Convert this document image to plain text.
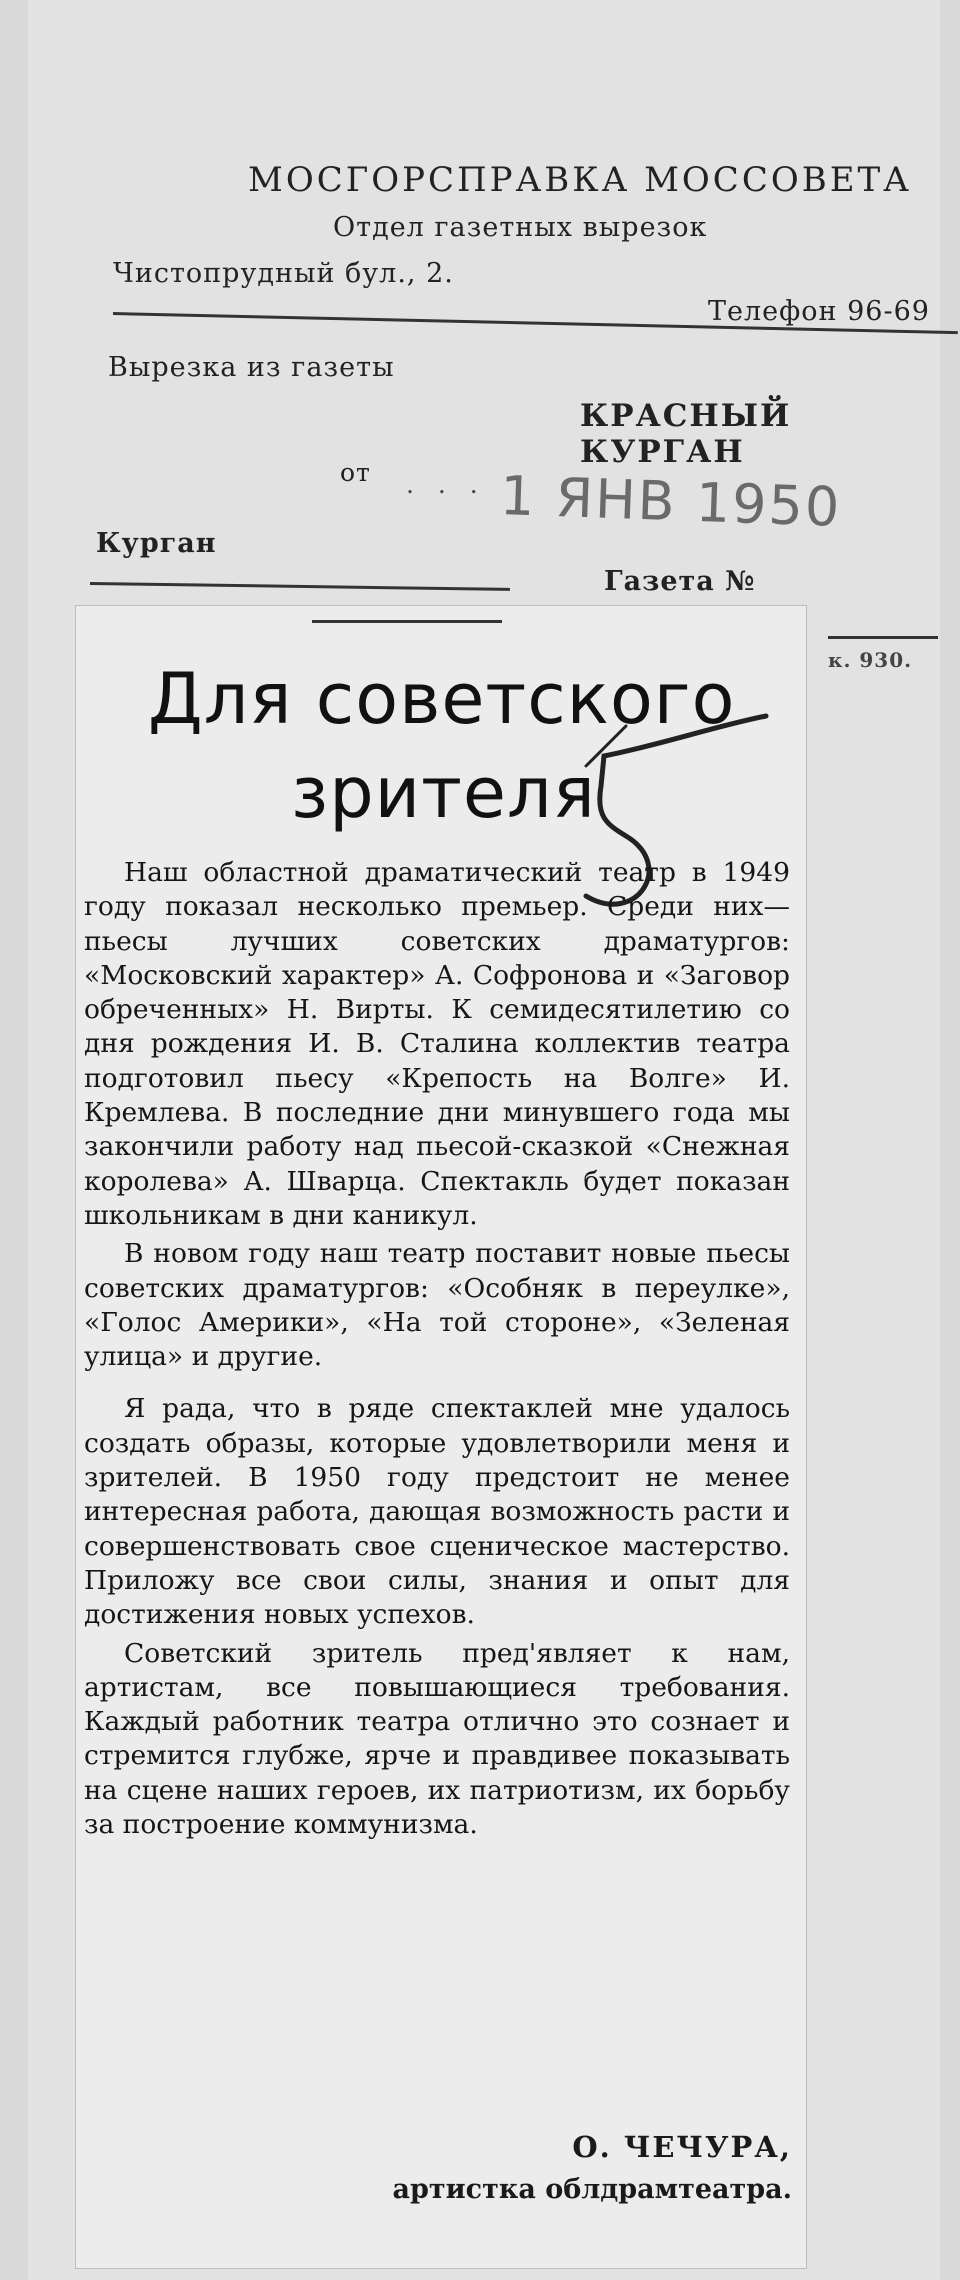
МОСГОРСПРАВКА МОССОВЕТА
Отдел газетных вырезок
Чистопрудный бул., 2.
Телефон 96-69
Вырезка из газеты
КРАСНЫЙ КУРГАН
от . . . 1 ЯНВ 1950
Курган
Газета №
к. 930.
Для советского
зрителя

Наш областной драматический театр в 1949 году показал несколько премьер. Среди них—пьесы лучших советских драматургов: «Московский характер» А. Софронова и «Заговор обреченных» Н. Вирты. К семидесятилетию со дня рождения И. В. Сталина коллектив театра подготовил пьесу «Крепость на Волге» И. Кремлева. В последние дни минувшего года мы закончили работу над пьесой-сказкой «Снежная королева» А. Шварца. Спектакль будет показан школьникам в дни каникул.

В новом году наш театр поставит новые пьесы советских драматургов: «Особняк в переулке», «Голос Америки», «На той стороне», «Зеленая улица» и другие.

Я рада, что в ряде спектаклей мне удалось создать образы, которые удовлетворили меня и зрителей. В 1950 году предстоит не менее интересная работа, дающая возможность расти и совершенствовать свое сценическое мастерство. Приложу все свои силы, знания и опыт для достижения новых успехов.

Советский зритель пред'являет к нам, артистам, все повышающиеся требования. Каждый работник театра отлично это сознает и стремится глубже, ярче и правдивее показывать на сцене наших героев, их патриотизм, их борьбу за построение коммунизма.

О. ЧЕЧУРА,
артистка облдрамтеатра.
